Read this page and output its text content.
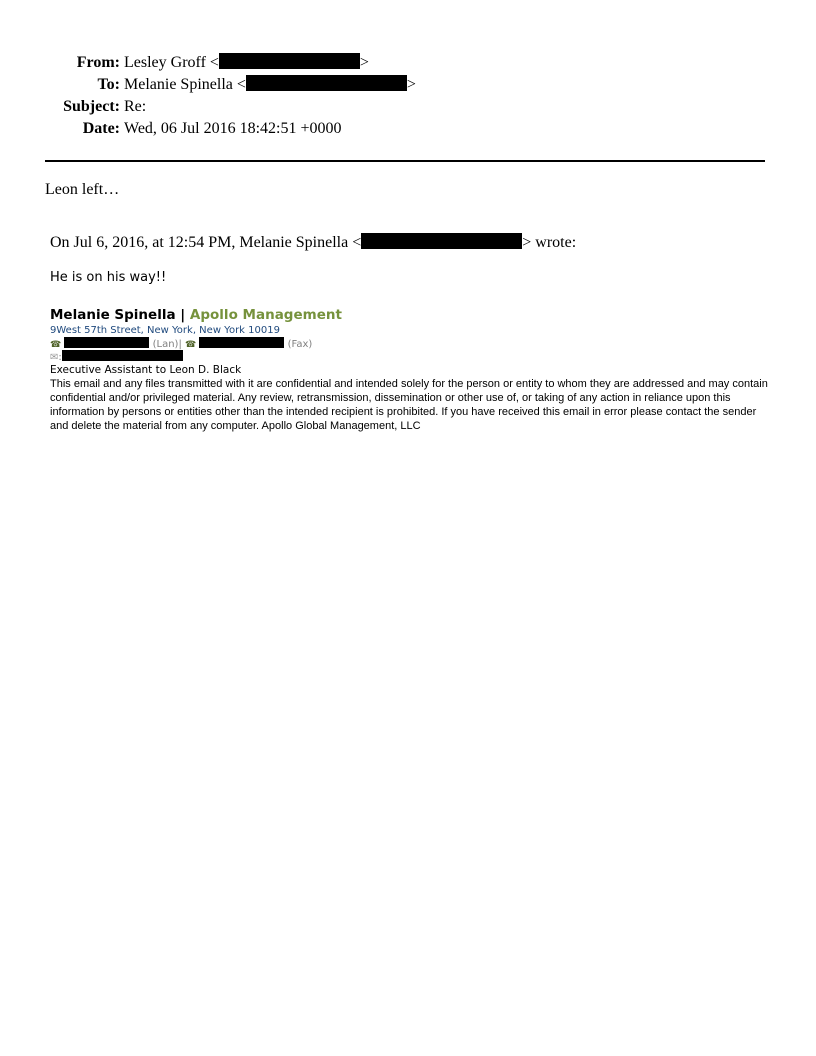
From: Lesley Groff <	>
To: Melanie Spinella <	>
Subject: Re:
Date: Wed, 06 Jul 2016 18:42:51 +0000
Leon left…
On Jul 6, 2016, at 12:54 PM, Melanie Spinella <	> wrote:
He is on his way!!
Melanie Spinella | Apollo Management
9West 57th Street, New York, New York 10019
☎	(Lan)| ☎	(Fax)
✉:
Executive Assistant to Leon D. Black
This email and any files transmitted with it are confidential and intended solely for the person or entity to whom they are addressed and may contain confidential and/or privileged material. Any review, retransmission, dissemination or other use of, or taking of any action in reliance upon this information by persons or entities other than the intended recipient is prohibited. If you have received this email in error please contact the sender and delete the material from any computer. Apollo Global Management, LLC
